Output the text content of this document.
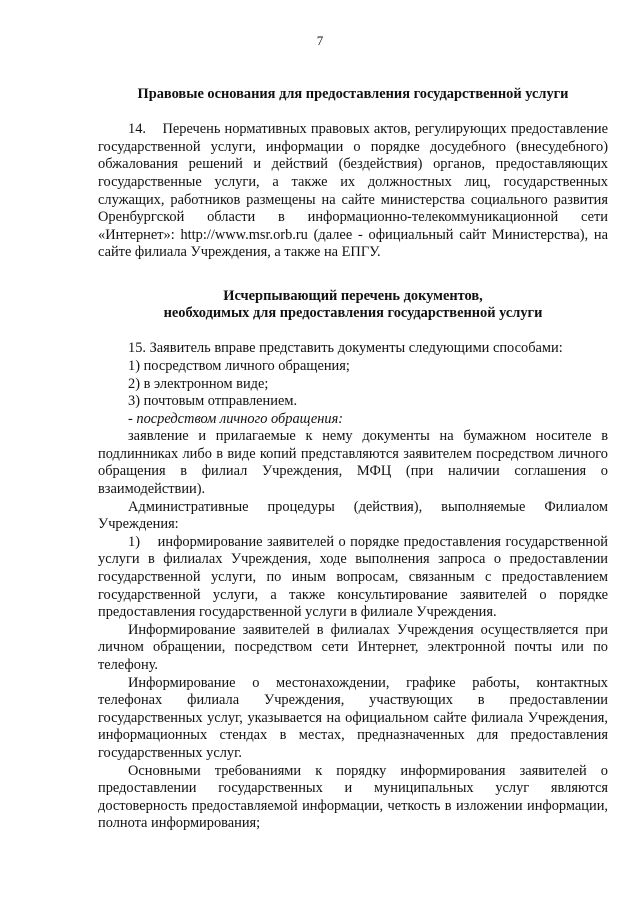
7

Правовые основания для предоставления государственной услуги

14.    Перечень нормативных правовых актов, регулирующих предоставление государственной услуги, информации о порядке досудебного (внесудебного) обжалования решений и действий (бездействия) органов, предоставляющих государственные услуги, а также их должностных лиц, государственных служащих, работников размещены на сайте министерства социального развития Оренбургской области в информационно-телекоммуникационной сети «Интернет»: http://www.msr.orb.ru (далее - официальный сайт Министерства), на сайте филиала Учреждения, а также на ЕПГУ.

Исчерпывающий перечень документов,

необходимых для предоставления государственной услуги

15. Заявитель вправе представить документы следующими способами:

1) посредством личного обращения;

2) в электронном виде;

3) почтовым отправлением.

- посредством личного обращения:

заявление и прилагаемые к нему документы на бумажном носителе в подлинниках либо в виде копий представляются заявителем посредством личного обращения в филиал Учреждения, МФЦ (при наличии соглашения о взаимодействии).

Административные процедуры (действия), выполняемые Филиалом Учреждения:

1)    информирование заявителей о порядке предоставления государственной услуги в филиалах Учреждения, ходе выполнения запроса о предоставлении государственной услуги, по иным вопросам, связанным с предоставлением государственной услуги, а также консультирование заявителей о порядке предоставления государственной услуги в филиале Учреждения.

Информирование заявителей в филиалах Учреждения осуществляется при личном обращении, посредством сети Интернет, электронной почты или по телефону.

Информирование о местонахождении, графике работы, контактных телефонах филиала Учреждения, участвующих в предоставлении государственных услуг, указывается на официальном сайте филиала Учреждения, информационных стендах в местах, предназначенных для предоставления государственных услуг.

Основными требованиями к порядку информирования заявителей о предоставлении государственных и муниципальных услуг являются достоверность предоставляемой информации, четкость в изложении информации, полнота информирования;
